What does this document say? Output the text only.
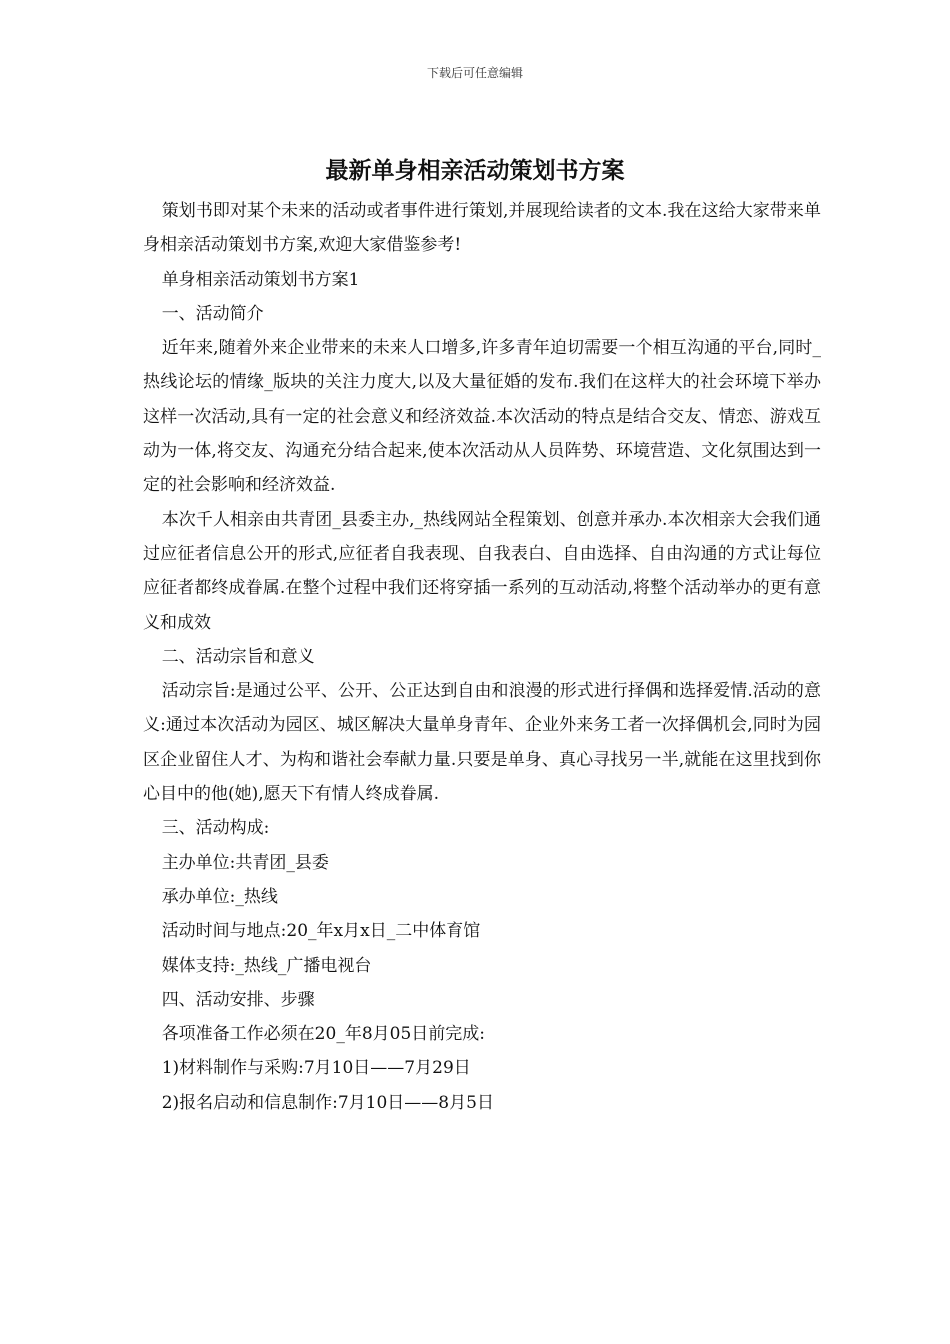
下载后可任意编辑
最新单身相亲活动策划书方案

策划书即对某个未来的活动或者事件进行策划,并展现给读者的文本.我在这给大家带来单身相亲活动策划书方案,欢迎大家借鉴参考!

单身相亲活动策划书方案1

一、活动简介

近年来,随着外来企业带来的未来人口增多,许多青年迫切需要一个相互沟通的平台,同时_热线论坛的情缘_版块的关注力度大,以及大量征婚的发布.我们在这样大的社会环境下举办这样一次活动,具有一定的社会意义和经济效益.本次活动的特点是结合交友、情恋、游戏互动为一体,将交友、沟通充分结合起来,使本次活动从人员阵势、环境营造、文化氛围达到一定的社会影响和经济效益.

本次千人相亲由共青团_县委主办,_热线网站全程策划、创意并承办.本次相亲大会我们通过应征者信息公开的形式,应征者自我表现、自我表白、自由选择、自由沟通的方式让每位应征者都终成眷属.在整个过程中我们还将穿插一系列的互动活动,将整个活动举办的更有意义和成效

二、活动宗旨和意义

活动宗旨:是通过公平、公开、公正达到自由和浪漫的形式进行择偶和选择爱情.活动的意义:通过本次活动为园区、城区解决大量单身青年、企业外来务工者一次择偶机会,同时为园区企业留住人才、为构和谐社会奉献力量.只要是单身、真心寻找另一半,就能在这里找到你心目中的他(她),愿天下有情人终成眷属.

三、活动构成:

主办单位:共青团_县委

承办单位:_热线

活动时间与地点:20_年x月x日_二中体育馆

媒体支持:_热线_广播电视台

四、活动安排、步骤

各项准备工作必须在20_年8月05日前完成:

1)材料制作与采购:7月10日——7月29日

2)报名启动和信息制作:7月10日——8月5日
